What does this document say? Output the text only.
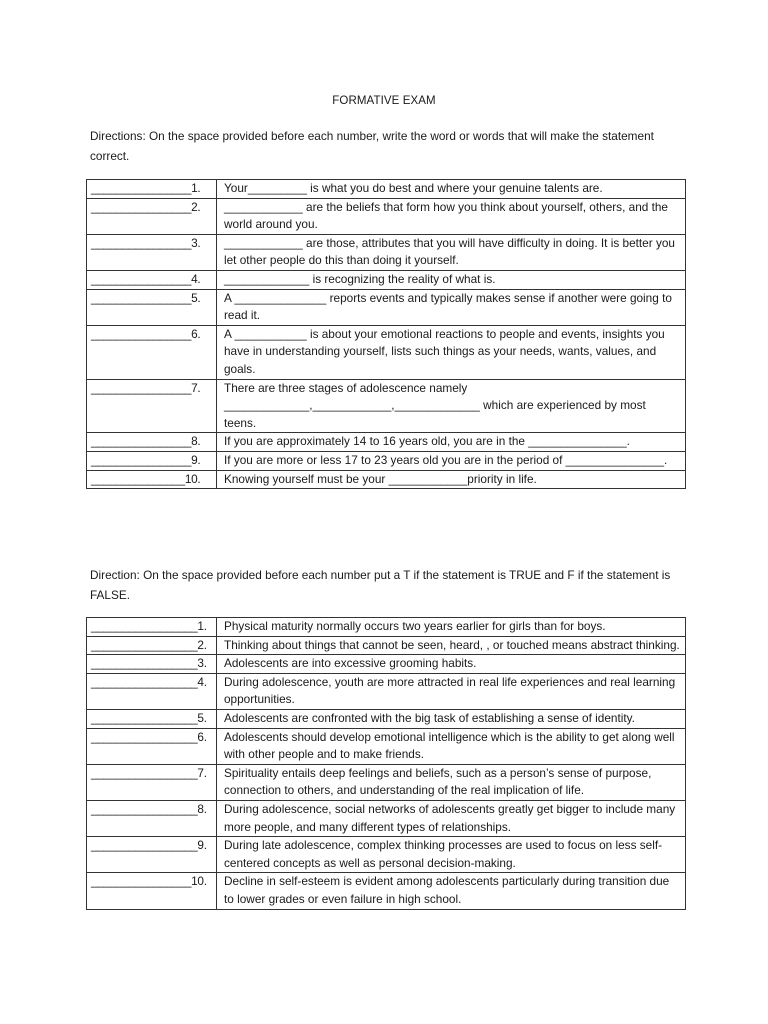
FORMATIVE EXAM
Directions: On the space provided before each number, write the word or words that will make the statement correct.
________________1.	Your_________ is what you do best and where your genuine talents are.
________________2.	____________ are the beliefs that form how you think about yourself, others, and the world around you.
________________3.	____________ are those, attributes that you will have difficulty in doing. It is better you let other people do this than doing it yourself.
________________4.	_____________ is recognizing the reality of what is.
________________5.	A ______________ reports events and typically makes sense if another were going to read it.
________________6.	A ___________ is about your emotional reactions to people and events, insights you have in understanding yourself, lists such things as your needs, wants, values, and goals.
________________7.	There are three stages of adolescence namely _____________,____________,_____________ which are experienced by most teens.
________________8.	If you are approximately 14 to 16 years old, you are in the _______________.
________________9.	If you are more or less 17 to 23 years old you are in the period of _______________.
_______________10.	Knowing yourself must be your ____________priority in life.
Direction: On the space provided before each number put a T if the statement is TRUE and F if the statement is FALSE.
_________________1.	Physical maturity normally occurs two years earlier for girls than for boys.
_________________2.	Thinking about things that cannot be seen, heard, , or touched means abstract thinking.
_________________3.	Adolescents are into excessive grooming habits.
_________________4.	During adolescence, youth are more attracted in real life experiences and real learning opportunities.
_________________5.	Adolescents are confronted with the big task of establishing a sense of identity.
_________________6.	Adolescents should develop emotional intelligence which is the ability to get along well with other people and to make friends.
_________________7.	Spirituality entails deep feelings and beliefs, such as a person’s sense of purpose, connection to others, and understanding of the real implication of life.
_________________8.	During adolescence, social networks of adolescents greatly get bigger to include many more people, and many different types of relationships.
_________________9.	During late adolescence, complex thinking processes are used to focus on less self-centered concepts as well as personal decision-making.
________________10.	Decline in self-esteem is evident among adolescents particularly during transition due to lower grades or even failure in high school.
